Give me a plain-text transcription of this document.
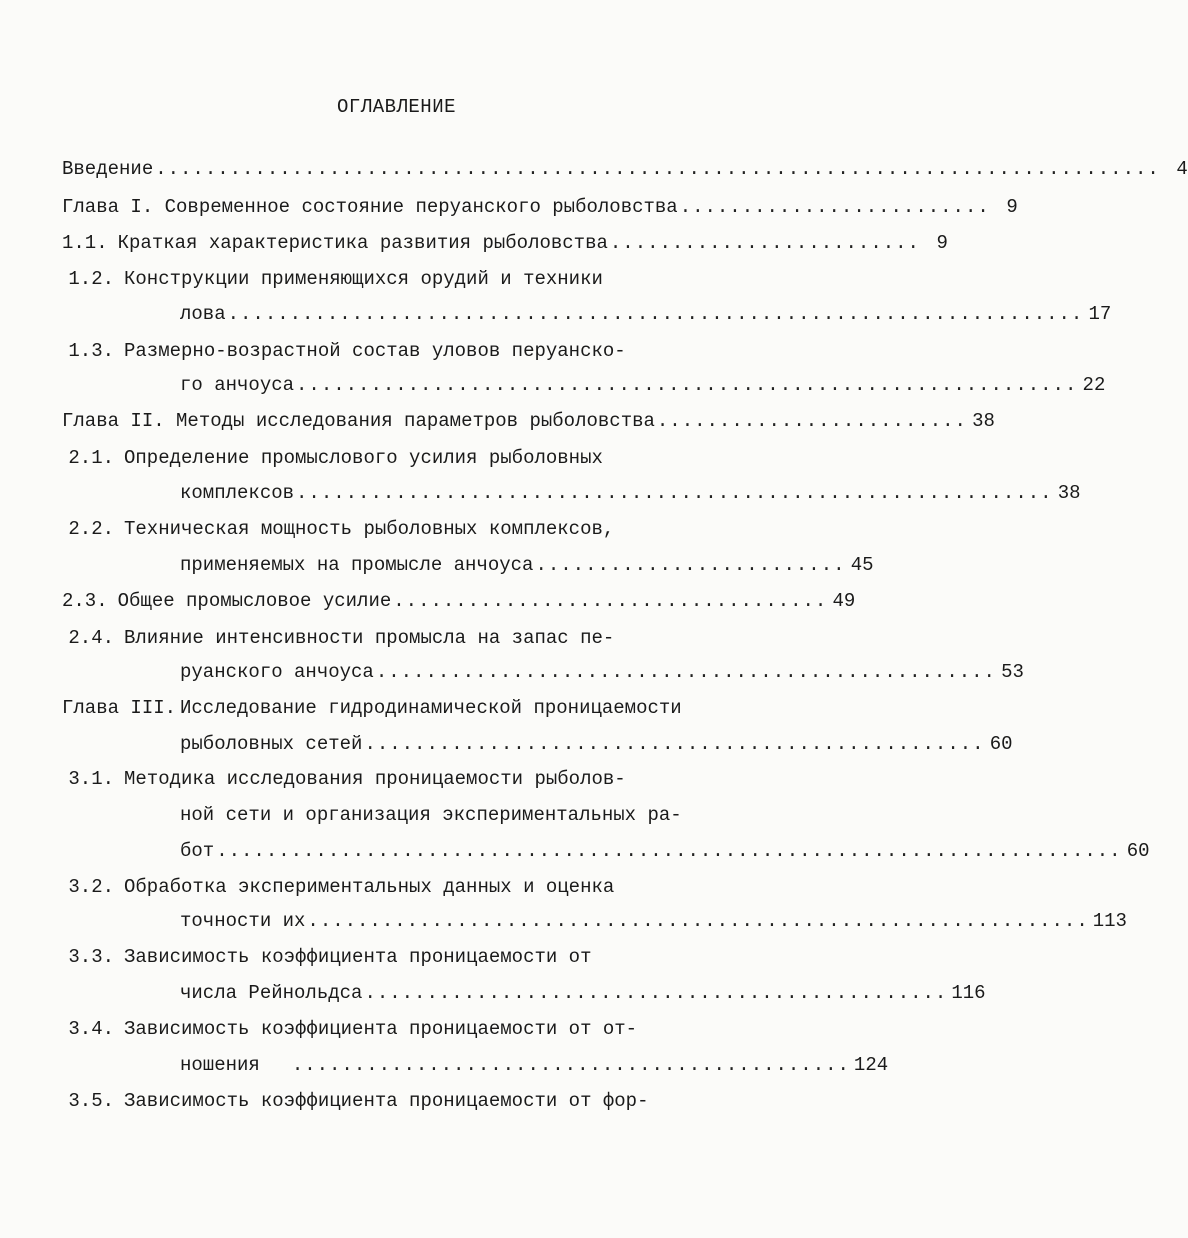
ОГЛАВЛЕНИЕ
Введение ................................................................................. 4
Глава I. Современное состояние перуанского рыболовства ......................... 9
1.1. Краткая характеристика развития рыболовства ......................... 9
1.2. Конструкции применяющихся орудий и техники
лова ..................................................................... 17
1.3. Размерно-возрастной состав уловов перуанско-
го анчоуса ............................................................... 22
Глава II. Методы исследования параметров рыболовства ......................... 38
2.1. Определение промыслового усилия рыболовных
комплексов ............................................................. 38
2.2. Техническая мощность рыболовных комплексов,
применяемых на промысле анчоуса ......................... 45
2.3. Общее промысловое усилие ................................... 49
2.4. Влияние интенсивности промысла на запас пе-
руанского анчоуса .................................................. 53
Глава III. Исследование гидродинамической проницаемости
рыболовных сетей .................................................. 60
3.1. Методика исследования проницаемости рыболов-
ной сети и организация экспериментальных ра-
бот ......................................................................... 60
3.2. Обработка экспериментальных данных и оценка
точности их ............................................................... 113
3.3. Зависимость коэффициента проницаемости от
числа Рейнольдса ............................................... 116
3.4. Зависимость коэффициента проницаемости от от-
ношения ............................................. 124
3.5. Зависимость коэффициента проницаемости от фор-
